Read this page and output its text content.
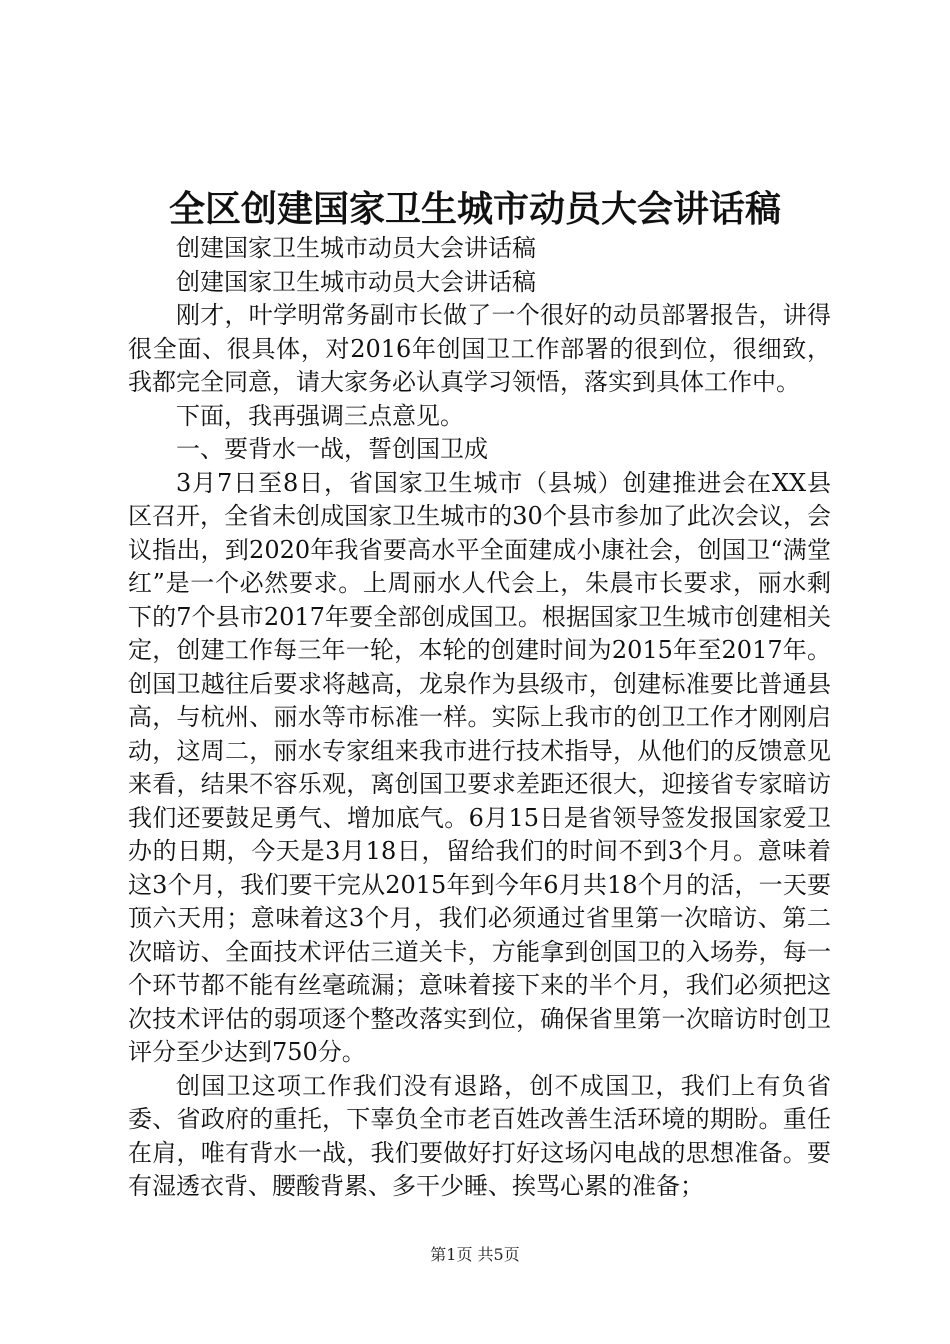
全区创建国家卫生城市动员大会讲话稿

创建国家卫生城市动员大会讲话稿

创建国家卫生城市动员大会讲话稿

刚才，叶学明常务副市长做了一个很好的动员部署报告，讲得很全面、很具体，对2016年创国卫工作部署的很到位，很细致，我都完全同意，请大家务必认真学习领悟，落实到具体工作中。

下面，我再强调三点意见。

一、要背水一战，誓创国卫成

3月7日至8日，省国家卫生城市（县城）创建推进会在XX县区召开，全省未创成国家卫生城市的30个县市参加了此次会议，会议指出，到2020年我省要高水平全面建成小康社会，创国卫“满堂红”是一个必然要求。上周丽水人代会上，朱晨市长要求，丽水剩下的7个县市2017年要全部创成国卫。根据国家卫生城市创建相关定，创建工作每三年一轮，本轮的创建时间为2015年至2017年。创国卫越往后要求将越高，龙泉作为县级市，创建标准要比普通县高，与杭州、丽水等市标准一样。实际上我市的创卫工作才刚刚启动，这周二，丽水专家组来我市进行技术指导，从他们的反馈意见来看，结果不容乐观，离创国卫要求差距还很大，迎接省专家暗访我们还要鼓足勇气、增加底气。6月15日是省领导签发报国家爱卫办的日期，今天是3月18日，留给我们的时间不到3个月。意味着这3个月，我们要干完从2015年到今年6月共18个月的活，一天要顶六天用；意味着这3个月，我们必须通过省里第一次暗访、第二次暗访、全面技术评估三道关卡，方能拿到创国卫的入场券，每一个环节都不能有丝毫疏漏；意味着接下来的半个月，我们必须把这次技术评估的弱项逐个整改落实到位，确保省里第一次暗访时创卫评分至少达到750分。

创国卫这项工作我们没有退路，创不成国卫，我们上有负省委、省政府的重托，下辜负全市老百姓改善生活环境的期盼。重任在肩，唯有背水一战，我们要做好打好这场闪电战的思想准备。要有湿透衣背、腰酸背累、多干少睡、挨骂心累的准备；

第1页 共5页
